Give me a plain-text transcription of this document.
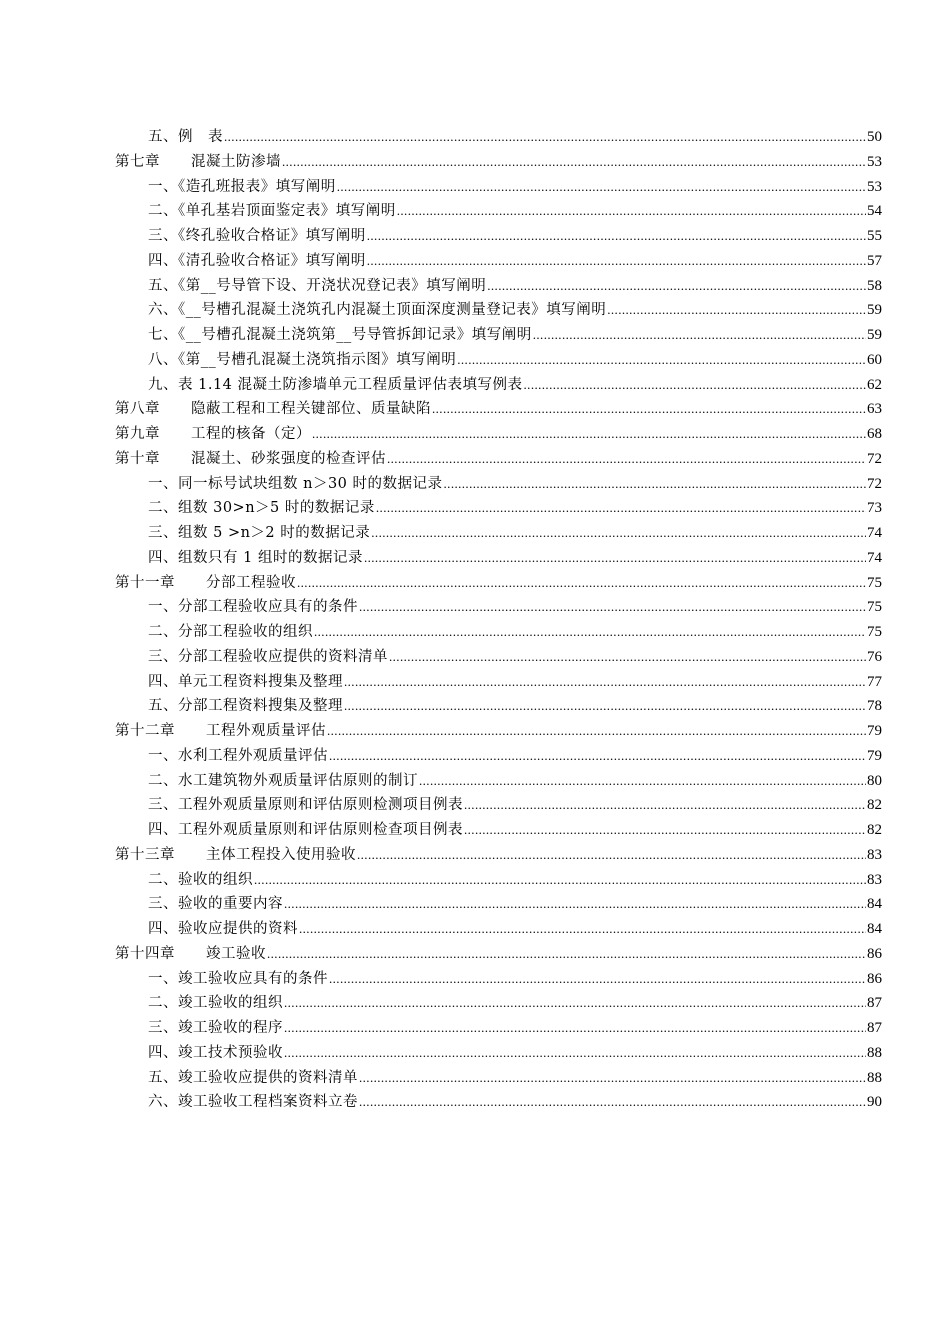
五、例　表 .....	50
第七章 混凝土防渗墙 .....	53
一、《造孔班报表》填写阐明 .....	53
二、《单孔基岩顶面鉴定表》填写阐明 .....	54
三、《终孔验收合格证》填写阐明 .....	55
四、《清孔验收合格证》填写阐明 .....	57
五、《第__号导管下设、开浇状况登记表》填写阐明 .....	58
六、《__号槽孔混凝土浇筑孔内混凝土顶面深度测量登记表》填写阐明 .....	59
七、《__号槽孔混凝土浇筑第__号导管拆卸记录》填写阐明 .....	59
八、《第__号槽孔混凝土浇筑指示图》填写阐明 .....	60
九、表 1.14 混凝土防渗墙单元工程质量评估表填写例表 .....	62
第八章 隐蔽工程和工程关键部位、质量缺陷 .....	63
第九章 工程的核备（定） .....	68
第十章 混凝土、砂浆强度的检查评估 .....	72
一、同一标号试块组数 n＞30 时的数据记录 .....	72
二、组数 30>n＞5 时的数据记录 .....	73
三、组数 5 >n＞2 时的数据记录 .....	74
四、组数只有 1 组时的数据记录 .....	74
第十一章 分部工程验收 .....	75
一、分部工程验收应具有的条件 .....	75
二、分部工程验收的组织 .....	75
三、分部工程验收应提供的资料清单 .....	76
四、单元工程资料搜集及整理 .....	77
五、分部工程资料搜集及整理 .....	78
第十二章 工程外观质量评估 .....	79
一、水利工程外观质量评估 .....	79
二、水工建筑物外观质量评估原则的制订 .....	80
三、工程外观质量原则和评估原则检测项目例表 .....	82
四、工程外观质量原则和评估原则检查项目例表 .....	82
第十三章 主体工程投入使用验收 .....	83
二、验收的组织 .....	83
三、验收的重要内容 .....	84
四、验收应提供的资料 .....	84
第十四章 竣工验收 .....	86
一、竣工验收应具有的条件 .....	86
二、竣工验收的组织 .....	87
三、竣工验收的程序 .....	87
四、竣工技术预验收 .....	88
五、竣工验收应提供的资料清单 .....	88
六、竣工验收工程档案资料立卷 .....	90
